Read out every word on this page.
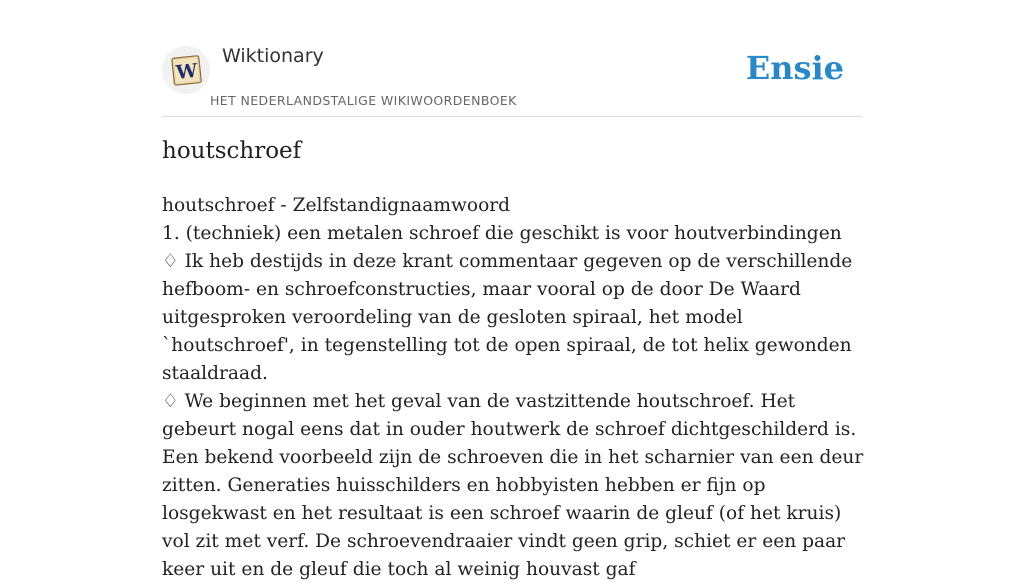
W
Wiktionary
HET NEDERLANDSTALIGE WIKIWOORDENBOEK
Ensie
houtschroef

houtschroef - Zelfstandignaamwoord

1. (techniek) een metalen schroef die geschikt is voor houtverbindingen

♢ Ik heb destijds in deze krant commentaar gegeven op de verschillende hefboom- en schroefconstructies, maar vooral op de door De Waard uitgesproken veroordeling van de gesloten spiraal, het model `houtschroef', in tegenstelling tot de open spiraal, de tot helix gewonden staaldraad.

♢ We beginnen met het geval van de vastzittende houtschroef. Het gebeurt nogal eens dat in ouder houtwerk de schroef dichtgeschilderd is. Een bekend voorbeeld zijn de schroeven die in het scharnier van een deur zitten. Generaties huisschilders en hobbyisten hebben er fijn op losgekwast en het resultaat is een schroef waarin de gleuf (of het kruis) vol zit met verf. De schroevendraaier vindt geen grip, schiet er een paar keer uit en de gleuf die toch al weinig houvast gaf
